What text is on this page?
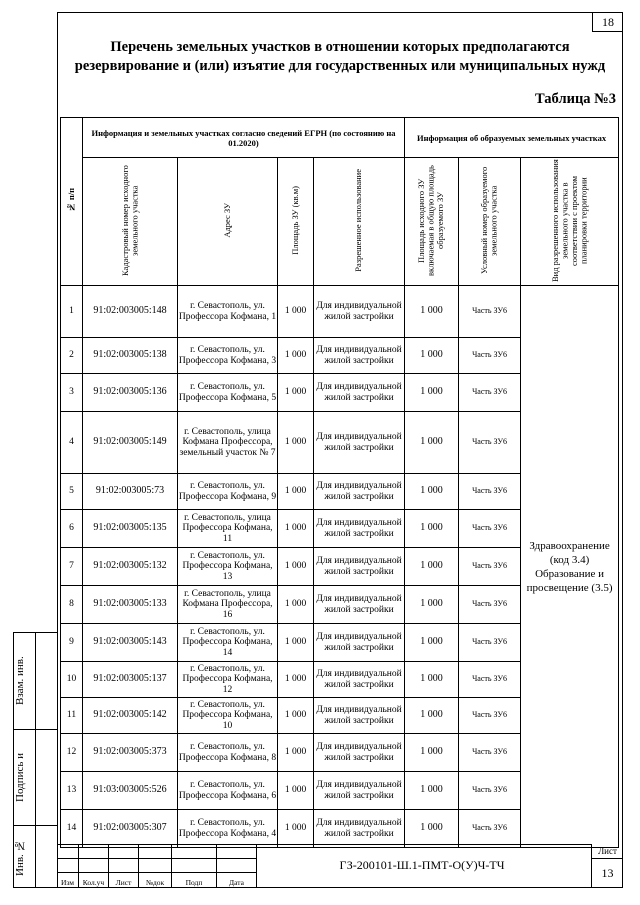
18
Перечень земельных участков в отношении которых предполагаются резервирование и (или) изъятие для государственных или муниципальных нужд
Таблица №3
№ п/п	Информация и земельных участках согласно сведений ЕГРН (по состоянию на 01.2020)				Информация об образуемых земельных участках		
	Кадастровый номер исходного земельного участка	Адрес ЗУ	Площадь ЗУ (кв.м)	Разрешенное использование	Площадь исходного ЗУ включаемая в общую площадь образуемого ЗУ	Условный номер образуемого земельного участка	Вид разрешенного использования земельного участка в соответствии с проектом планировки территории
1	91:02:003005:148	г. Севастополь, ул. Профессора Кофмана, 1	1 000	Для индивидуальной жилой застройки	1 000	Часть ЗУ6	Здравоохранение (код 3.4) Образование и просвещение (3.5)
2	91:02:003005:138	г. Севастополь, ул. Профессора Кофмана, 3	1 000	Для индивидуальной жилой застройки	1 000	Часть ЗУ6	
3	91:02:003005:136	г. Севастополь, ул. Профессора Кофмана, 5	1 000	Для индивидуальной жилой застройки	1 000	Часть ЗУ6	
4	91:02:003005:149	г. Севастополь, улица Кофмана Профессора, земельный участок № 7	1 000	Для индивидуальной жилой застройки	1 000	Часть ЗУ6	
5	91:02:003005:73	г. Севастополь, ул. Профессора Кофмана, 9	1 000	Для индивидуальной жилой застройки	1 000	Часть ЗУ6	
6	91:02:003005:135	г. Севастополь, улица Профессора Кофмана, 11	1 000	Для индивидуальной жилой застройки	1 000	Часть ЗУ6	
7	91:02:003005:132	г. Севастополь, ул. Профессора Кофмана, 13	1 000	Для индивидуальной жилой застройки	1 000	Часть ЗУ6	
8	91:02:003005:133	г. Севастополь, улица Кофмана Профессора, 16	1 000	Для индивидуальной жилой застройки	1 000	Часть ЗУ6	
9	91:02:003005:143	г. Севастополь, ул. Профессора Кофмана, 14	1 000	Для индивидуальной жилой застройки	1 000	Часть ЗУ6	
10	91:02:003005:137	г. Севастополь, ул. Профессора Кофмана, 12	1 000	Для индивидуальной жилой застройки	1 000	Часть ЗУ6	
11	91:02:003005:142	г. Севастополь, ул. Профессора Кофмана, 10	1 000	Для индивидуальной жилой застройки	1 000	Часть ЗУ6	
12	91:02:003005:373	г. Севастополь, ул. Профессора Кофмана, 8	1 000	Для индивидуальной жилой застройки	1 000	Часть ЗУ6	
13	91:03:003005:526	г. Севастополь, ул. Профессора Кофмана, 6	1 000	Для индивидуальной жилой застройки	1 000	Часть ЗУ6	
14	91:02:003005:307	г. Севастополь, ул. Профессора Кофмана, 4	1 000	Для индивидуальной жилой застройки	1 000	Часть ЗУ6	
Взам. инв.
Подпись и
Инв. №
Изм	Кол.уч	Лист	№док	Подп	Дата
ГЗ-200101-Ш.1-ПМТ-О(У)Ч-ТЧ
Лист
13
